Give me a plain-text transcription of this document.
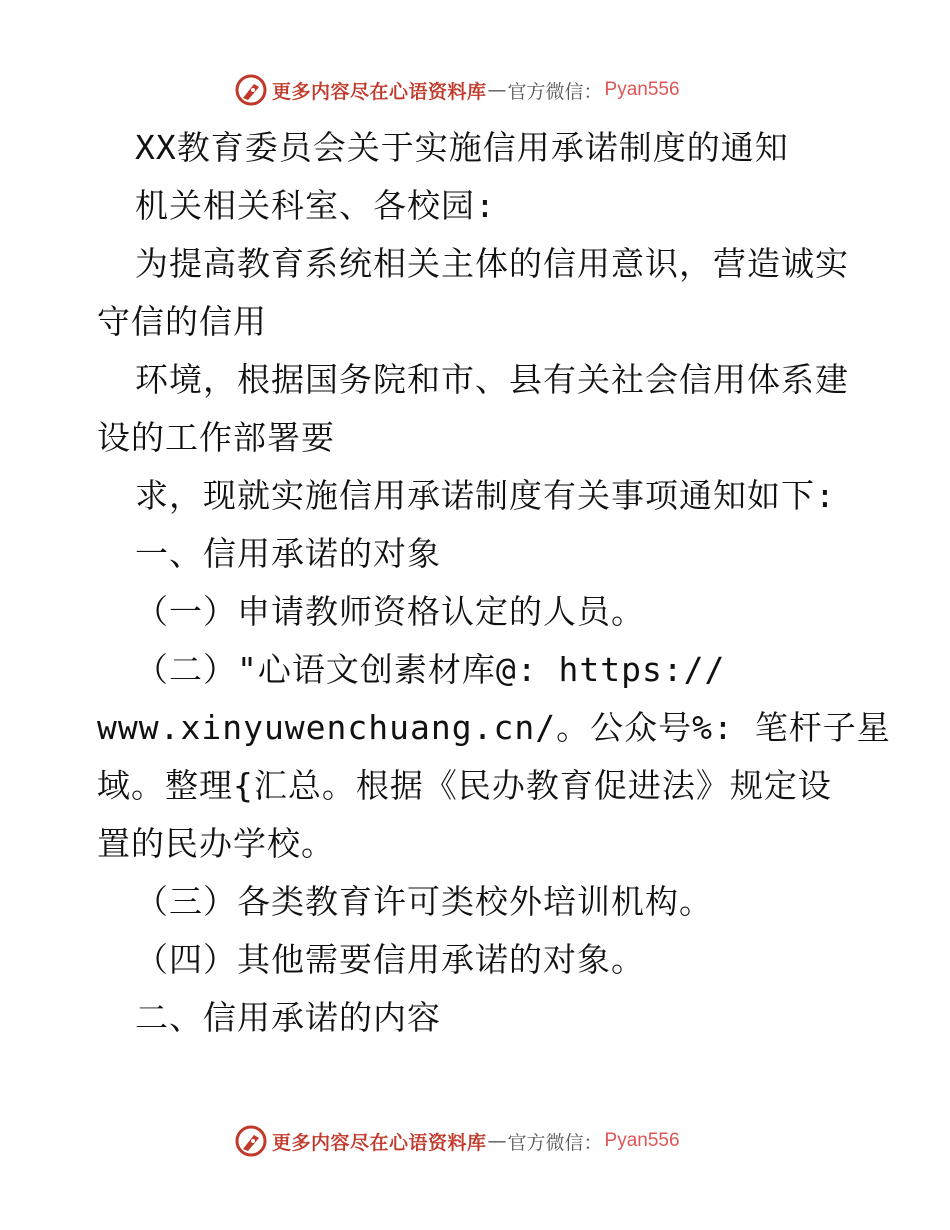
更多内容尽在心语资料库 — 官方微信： Pyan556
XX教育委员会关于实施信用承诺制度的通知
机关相关科室、各校园:
为提高教育系统相关主体的信用意识，营造诚实
守信的信用
环境，根据国务院和市、县有关社会信用体系建
设的工作部署要
求，现就实施信用承诺制度有关事项通知如下:
一、信用承诺的对象
（一）申请教师资格认定的人员。
（二）"心语文创素材库@: https://
www.xinyuwenchuang.cn/。公众号%: 笔杆子星
域。整理{汇总。根据《民办教育促进法》规定设
置的民办学校。
（三）各类教育许可类校外培训机构。
（四）其他需要信用承诺的对象。
二、信用承诺的内容
更多内容尽在心语资料库 — 官方微信： Pyan556
